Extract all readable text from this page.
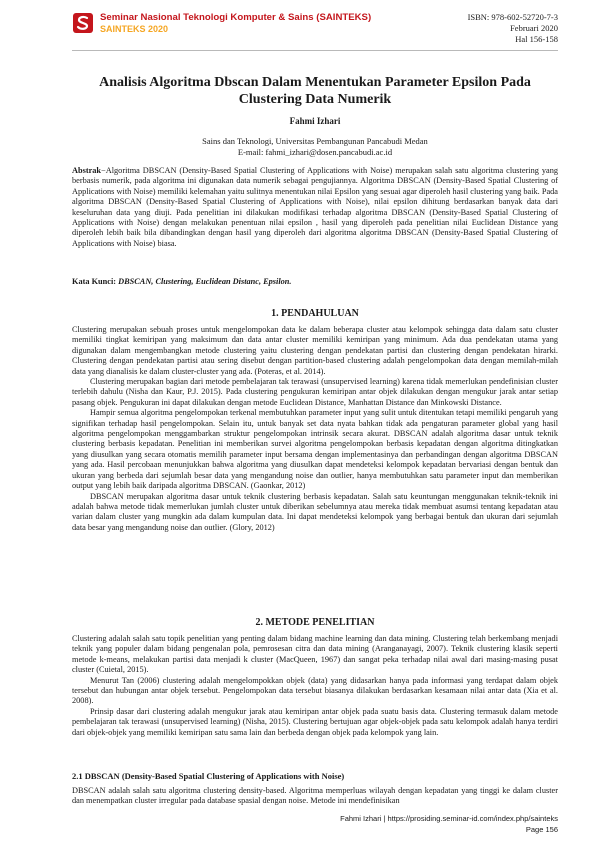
Seminar Nasional Teknologi Komputer & Sains (SAINTEKS)
SAINTEKS 2020
ISBN: 978-602-52720-7-3
Februari 2020
Hal 156-158
Analisis Algoritma Dbscan Dalam Menentukan Parameter Epsilon Pada Clustering Data Numerik
Fahmi Izhari
Sains dan Teknologi, Universitas Pembangunan Pancabudi Medan
E-mail: fahmi_izhari@dosen.pancabudi.ac.id

Abstrak−Algoritma DBSCAN (Density-Based Spatial Clustering of Applications with Noise) merupakan salah satu algoritma clustering yang berbasis numerik, pada algoritma ini digunakan data numerik sebagai pengujiannya. Algoritma DBSCAN (Density-Based Spatial Clustering of Applications with Noise) memiliki kelemahan yaitu sulitnya menentukan nilai Epsilon yang sesuai agar diperoleh hasil clustering yang baik. Pada algoritma DBSCAN (Density-Based Spatial Clustering of Applications with Noise), nilai epsilon dihitung berdasarkan banyak data dari keseluruhan data yang diuji. Pada penelitian ini dilakukan modifikasi terhadap algoritma DBSCAN (Density-Based Spatial Clustering of Applications with Noise) dengan melakukan penentuan nilai epsilon , hasil yang diperoleh pada penelitian nilai Euclidean Distance yang diperoleh lebih baik bila dibandingkan dengan hasil yang diperoleh dari algoritma algoritma DBSCAN (Density-Based Spatial Clustering of Applications with Noise) biasa.

Kata Kunci: DBSCAN, Clustering, Euclidean Distanc, Epsilon.

1. PENDAHULUAN

Clustering merupakan sebuah proses untuk mengelompokan data ke dalam beberapa cluster atau kelompok sehingga data dalam satu cluster memiliki tingkat kemiripan yang maksimum dan data antar cluster memiliki kemiripan yang minimum. Ada dua pendekatan utama yang digunakan dalam mengembangkan metode clustering yaitu clustering dengan pendekatan partisi dan clustering dengan pendekatan hirarki. Clustering dengan pendekatan partisi atau sering disebut dengan partition-based clustering adalah pengelompokan data dengan memilah-milah data yang dianalisis ke dalam cluster-cluster yang ada. (Poteras, et al. 2014).

Clustering merupakan bagian dari metode pembelajaran tak terawasi (unsupervised learning) karena tidak memerlukan pendefinisian cluster terlebih dahulu (Nisha dan Kaur, P.J. 2015). Pada clustering pengukuran kemiripan antar objek dilakukan dengan mengukur jarak antar setiap pasang objek. Pengukuran ini dapat dilakukan dengan metode Euclidean Distance, Manhattan Distance dan Minkowski Distance.

Hampir semua algoritma pengelompokan terkenal membutuhkan parameter input yang sulit untuk ditentukan tetapi memiliki pengaruh yang signifikan terhadap hasil pengelompokan. Selain itu, untuk banyak set data nyata bahkan tidak ada pengaturan parameter global yang hasil algoritma pengelompokan menggambarkan struktur pengelompokan intrinsik secara akurat. DBSCAN adalah algoritma dasar untuk teknik clustering berbasis kepadatan. Penelitian ini memberikan survei algoritma pengelompokan berbasis kepadatan dengan algoritma ditingkatkan yang diusulkan yang secara otomatis memilih parameter input bersama dengan implementasinya dan perbandingan dengan algoritma DBSCAN yang ada. Hasil percobaan menunjukkan bahwa algoritma yang diusulkan dapat mendeteksi kelompok kepadatan bervariasi dengan bentuk dan ukuran yang berbeda dari sejumlah besar data yang mengandung noise dan outlier, hanya membutuhkan satu parameter input dan memberikan output yang lebih baik daripada algoritma DBSCAN. (Gaonkar, 2012)

DBSCAN merupakan algoritma dasar untuk teknik clustering berbasis kepadatan. Salah satu keuntungan menggunakan teknik-teknik ini adalah bahwa metode tidak memerlukan jumlah cluster untuk diberikan sebelumnya atau mereka tidak membuat asumsi tentang kepadatan atau varian dalam cluster yang mungkin ada dalam kumpulan data. Ini dapat mendeteksi kelompok yang berbagai bentuk dan ukuran dari sejumlah data besar yang mengandung noise dan outlier. (Glory, 2012)

2. METODE PENELITIAN

Clustering adalah salah satu topik penelitian yang penting dalam bidang machine learning dan data mining. Clustering telah berkembang menjadi teknik yang populer dalam bidang pengenalan pola, pemrosesan citra dan data mining (Aranganayagi, 2007). Teknik clustering klasik seperti metode k-means, melakukan partisi data menjadi k cluster (MacQueen, 1967) dan sangat peka terhadap nilai awal dari masing-masing pusat cluster (Cuietal, 2015).

Menurut Tan (2006) clustering adalah mengelompokkan objek (data) yang didasarkan hanya pada informasi yang terdapat dalam objek tersebut dan hubungan antar objek tersebut. Pengelompokan data tersebut biasanya dilakukan berdasarkan kesamaan nilai antar data (Xia et al. 2008).

Prinsip dasar dari clustering adalah mengukur jarak atau kemiripan antar objek pada suatu basis data. Clustering termasuk dalam metode pembelajaran tak terawasi (unsupervised learning) (Nisha, 2015). Clustering bertujuan agar objek-objek pada satu kelompok adalah hanya terdiri dari objek-objek yang memiliki kemiripan satu sama lain dan berbeda dengan objek pada kelompok yang lain.

2.1 DBSCAN (Density-Based Spatial Clustering of Applications with Noise)

DBSCAN adalah salah satu algoritma clustering density-based. Algoritma memperluas wilayah dengan kepadatan yang tinggi ke dalam cluster dan menempatkan cluster irregular pada database spasial dengan noise. Metode ini mendefinisikan

Fahmi Izhari | https://prosiding.seminar-id.com/index.php/sainteks
Page 156
